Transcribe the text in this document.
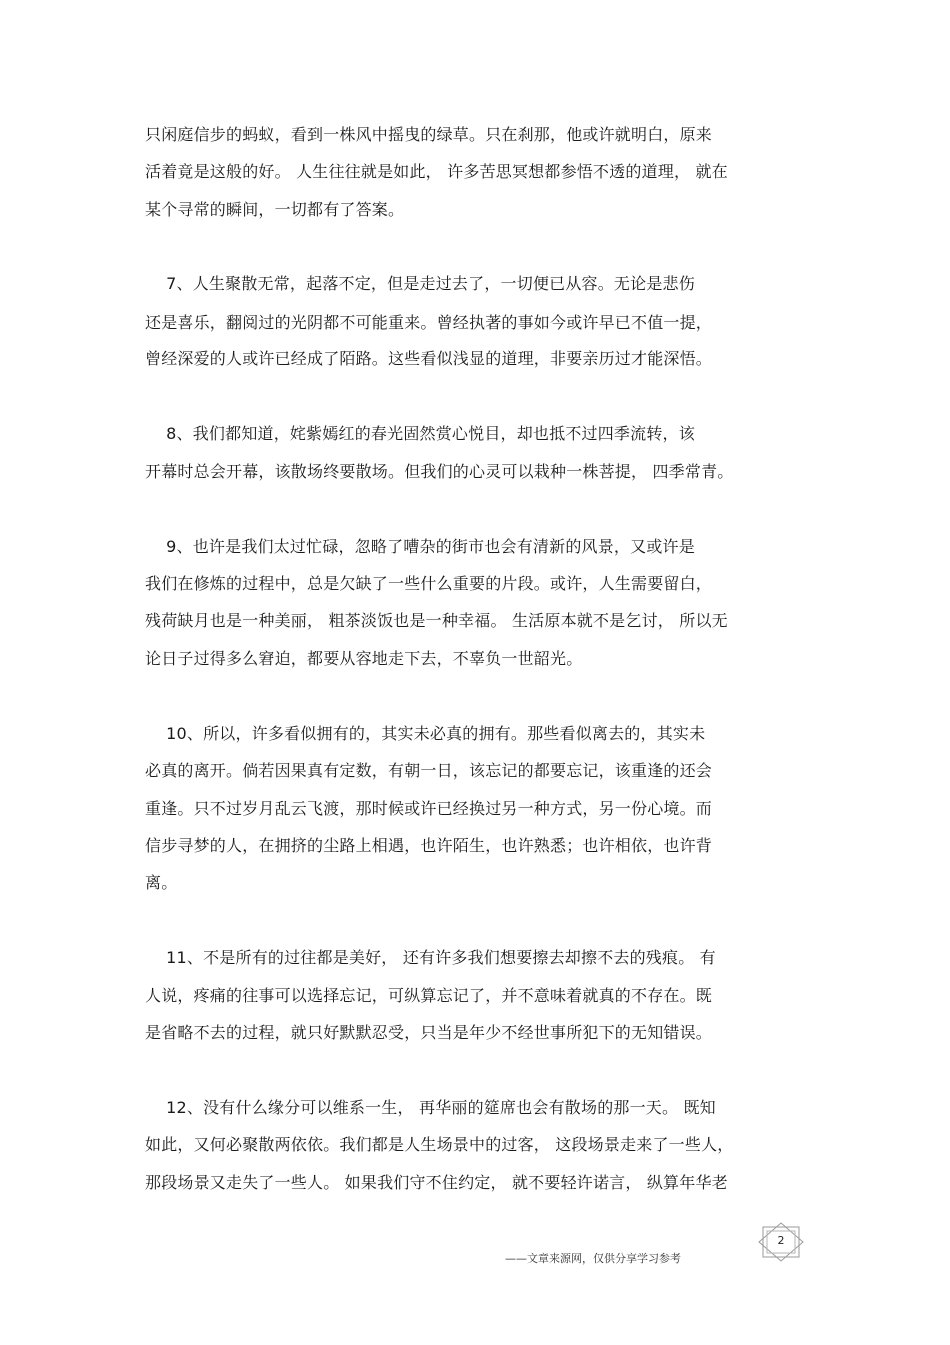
只闲庭信步的蚂蚁，看到一株风中摇曳的绿草。只在刹那，他或许就明白，原来
活着竟是这般的好。 人生往往就是如此， 许多苦思冥想都参悟不透的道理， 就在
某个寻常的瞬间，一切都有了答案。
7、人生聚散无常，起落不定，但是走过去了，一切便已从容。无论是悲伤
还是喜乐，翻阅过的光阴都不可能重来。曾经执著的事如今或许早已不值一提，
曾经深爱的人或许已经成了陌路。这些看似浅显的道理，非要亲历过才能深悟。
8、我们都知道，姹紫嫣红的春光固然赏心悦目，却也抵不过四季流转，该
开幕时总会开幕，该散场终要散场。但我们的心灵可以栽种一株菩提， 四季常青。
9、也许是我们太过忙碌，忽略了嘈杂的街市也会有清新的风景，又或许是
我们在修炼的过程中，总是欠缺了一些什么重要的片段。或许，人生需要留白，
残荷缺月也是一种美丽， 粗茶淡饭也是一种幸福。 生活原本就不是乞讨， 所以无
论日子过得多么窘迫，都要从容地走下去，不辜负一世韶光。
10、所以，许多看似拥有的，其实未必真的拥有。那些看似离去的，其实未
必真的离开。倘若因果真有定数，有朝一日，该忘记的都要忘记，该重逢的还会
重逢。只不过岁月乱云飞渡，那时候或许已经换过另一种方式，另一份心境。而
信步寻梦的人，在拥挤的尘路上相遇，也许陌生，也许熟悉；也许相依，也许背
离。
11、不是所有的过往都是美好， 还有许多我们想要擦去却擦不去的残痕。 有
人说，疼痛的往事可以选择忘记，可纵算忘记了，并不意味着就真的不存在。既
是省略不去的过程，就只好默默忍受，只当是年少不经世事所犯下的无知错误。
12、没有什么缘分可以维系一生， 再华丽的筵席也会有散场的那一天。 既知
如此，又何必聚散两依依。我们都是人生场景中的过客， 这段场景走来了一些人，
那段场景又走失了一些人。 如果我们守不住约定， 就不要轻许诺言， 纵算年华老
——文章来源网，仅供分享学习参考
2
